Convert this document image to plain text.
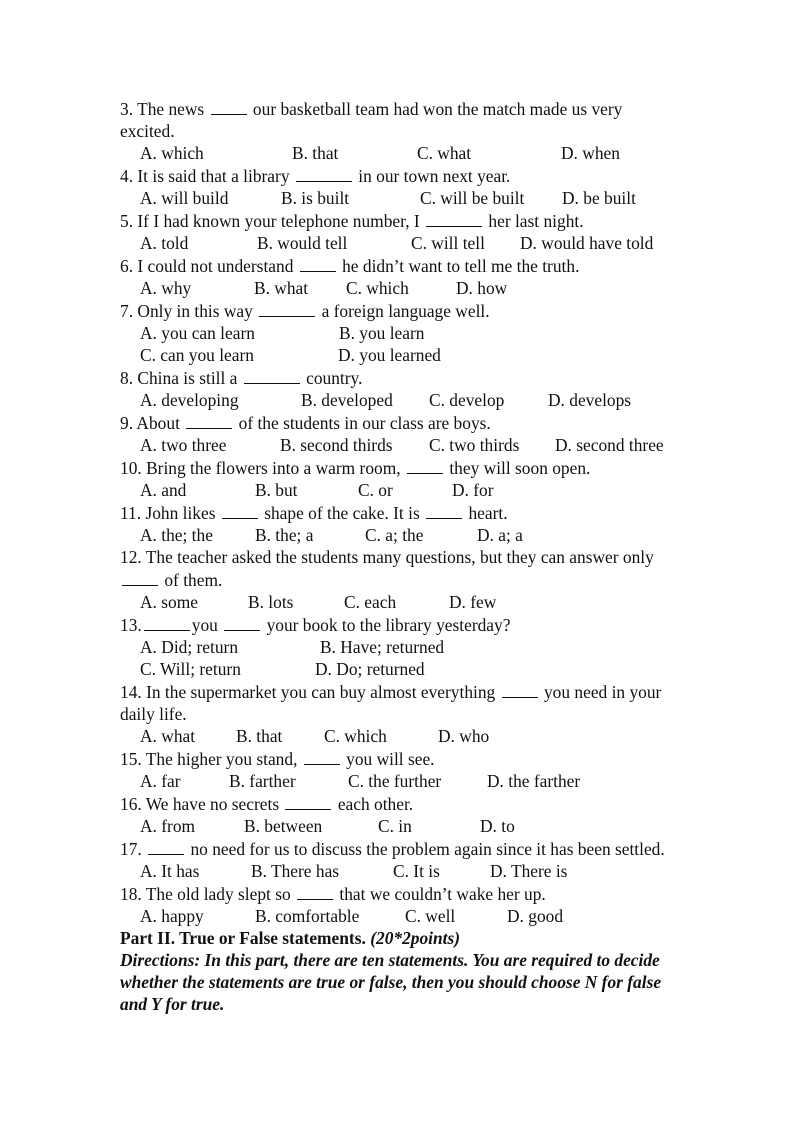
3. The news	our basketball team had won the match made us very excited.
A. which	B. that	C. what	D. when
4. It is said that a library	in our town next year.
A. will build	B. is built	C. will be built D. be built
5. If I had known your telephone number, I	her last night.
A. told	B. would tell	C. will tell D. would have told
6. I could not understand	he didn’t want to tell me the truth.
A. why	B. what C. which	D. how
7. Only in this way	a foreign language well.
A. you can learn	B. you learn
C. can you learn	D. you learned
8. China is still a	country.
A. developing	B. developed C. develop	D. develops
9. About	of the students in our class are boys.
A. two three	B. second thirds C. two thirds D. second three
10. Bring the flowers into a warm room,	they will soon open.
A. and	B. but	C. or	D. for
11. John likes	shape of the cake. It is	heart.
A. the; the B. the; a	C. a; the	D. a; a
12. The teacher asked the students many questions, but they can answer only  of them.
A. some	B. lots	C. each	D. few
13.	you	your book to the library yesterday?
A. Did; return	B. Have; returned
C. Will; return	D. Do; returned
14. In the supermarket you can buy almost everything	you need in your daily life.
A. what B. that C. which	D. who
15. The higher you stand,	you will see.
A. far	B. farther	C. the further	D. the farther
16. We have no secrets	each other.
A. from	B. between	C. in	D. to
17.	no need for us to discuss the problem again since it has been settled.
A. It has	B. There has	C. It is	D. There is
18. The old lady slept so	that we couldn’t wake her up.
A. happy	B. comfortable	C. well	D. good
Part II. True or False statements. (20*2points)
Directions: In this part, there are ten statements. You are required to decide whether the statements are true or false, then you should choose N for false and Y for true.
